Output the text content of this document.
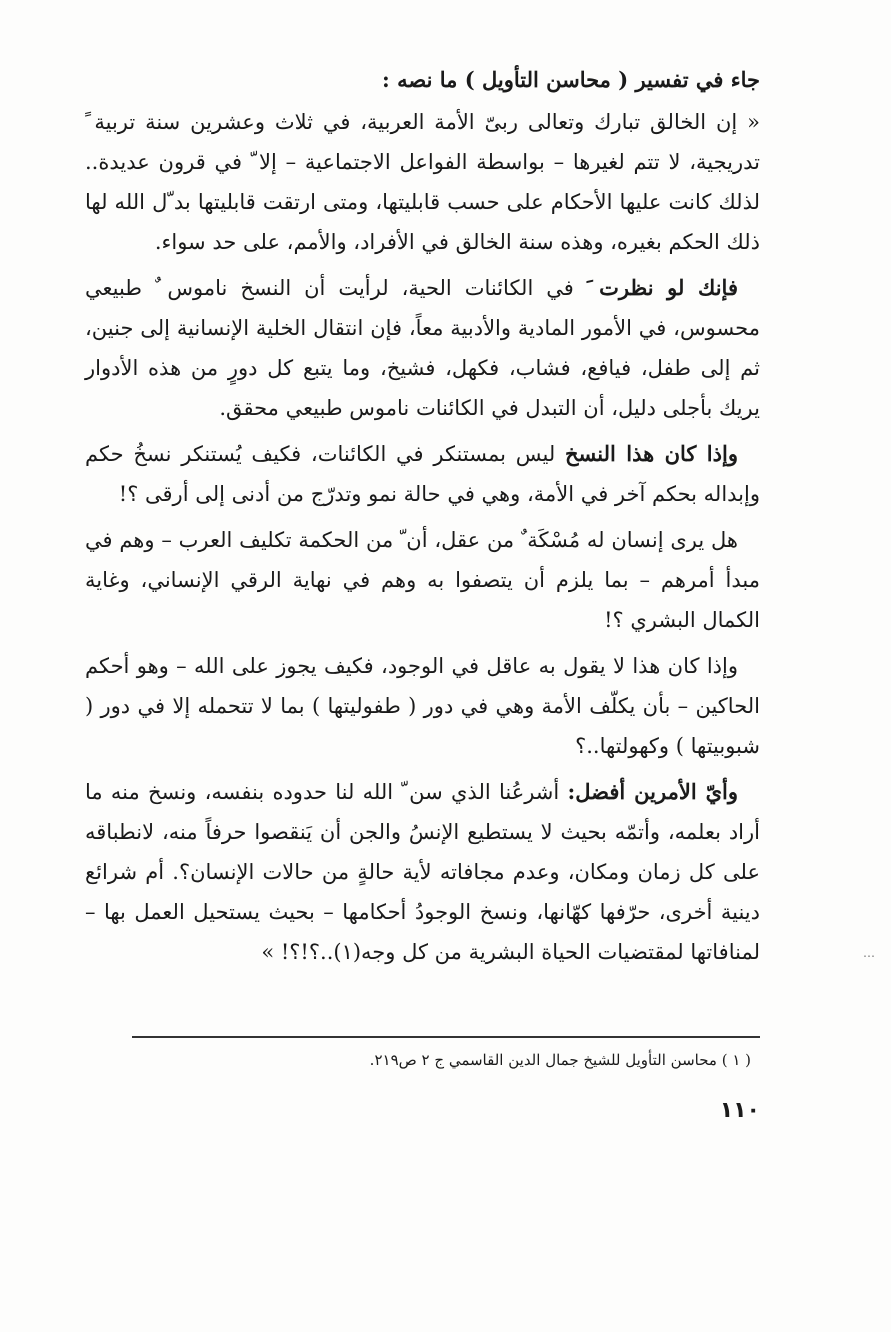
جاء في تفسير ( محاسن التأويل ) ما نصه :

« إن الخالق تبارك وتعالى ربىّ الأمة العربية، في ثلاث وعشرين سنة تربية ً تدريجية، لا تتم لغيرها – بواسطة الفواعل الاجتماعية – إلا ّ في قرون عديدة.. لذلك كانت عليها الأحكام على حسب قابليتها، ومتى ارتقت قابليتها بد ّل الله لها ذلك الحكم بغيره، وهذه سنة الخالق في الأفراد، والأمم، على حد سواء.

فإنك لو نظرت َ في الكائنات الحية، لرأيت أن النسخ ناموس ٌ طبيعي محسوس، في الأمور المادية والأدبية معاً، فإن انتقال الخلية الإنسانية إلى جنين، ثم إلى طفل، فيافع، فشاب، فكهل، فشيخ، وما يتبع كل دورٍ من هذه الأدوار يريك بأجلى دليل، أن التبدل في الكائنات ناموس طبيعي محقق.

وإذا كان هذا النسخ ليس بمستنكر في الكائنات، فكيف يُستنكر نسخُ حكم وإبداله بحكم آخر في الأمة، وهي في حالة نمو وتدرّج من أدنى إلى أرقى ؟!

هل يرى إنسان له مُسْكَة ٌ من عقل، أن ّ من الحكمة تكليف العرب – وهم في مبدأ أمرهم – بما يلزم أن يتصفوا به وهم في نهاية الرقي الإنساني، وغاية الكمال البشري ؟!

وإذا كان هذا لا يقول به عاقل في الوجود، فكيف يجوز على الله – وهو أحكم الحاكين – بأن يكلّف الأمة وهي في دور ( طفوليتها ) بما لا تتحمله إلا في دور ( شبوبيتها ) وكهولتها..؟

وأيّ الأمرين أفضل: أشرعُنا الذي سن ّ الله لنا حدوده بنفسه، ونسخ منه ما أراد بعلمه، وأتمّه بحيث لا يستطيع الإنسُ والجن أن يَنقصوا حرفاً منه، لانطباقه على كل زمان ومكان، وعدم مجافاته لأية حالةٍ من حالات الإنسان؟. أم شرائع دينية أخرى، حرّفها كهّانها، ونسخ الوجودُ أحكامها – بحيث يستحيل العمل بها – لمنافاتها لمقتضيات الحياة البشرية من كل وجه(١)..؟!؟! »

( ١ ) محاسن التأويل للشيخ جمال الدين القاسمي ج ٢ ص٢١٩.
١١٠
…
